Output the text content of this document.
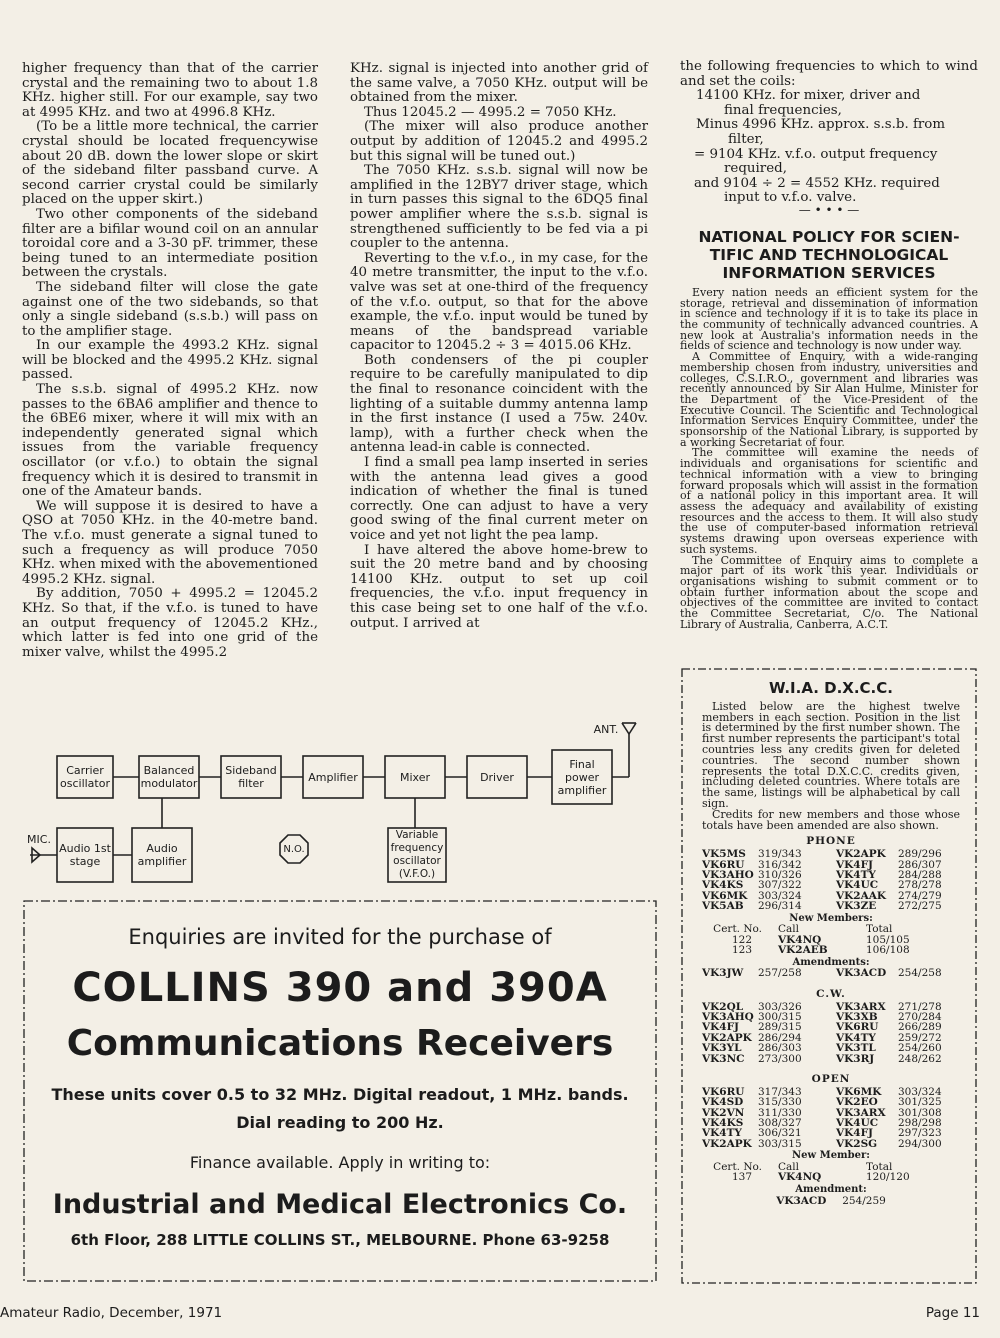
higher frequency than that of the carrier crystal and the remaining two to about 1.8 KHz. higher still. For our example, say two at 4995 KHz. and two at 4996.8 KHz.

(To be a little more technical, the carrier crystal should be located frequencywise about 20 dB. down the lower slope or skirt of the sideband filter passband curve. A second carrier crystal could be similarly placed on the upper skirt.)

Two other components of the sideband filter are a bifilar wound coil on an annular toroidal core and a 3-30 pF. trimmer, these being tuned to an intermediate position between the crystals.

The sideband filter will close the gate against one of the two sidebands, so that only a single sideband (s.s.b.) will pass on to the amplifier stage.

In our example the 4993.2 KHz. signal will be blocked and the 4995.2 KHz. signal passed.

The s.s.b. signal of 4995.2 KHz. now passes to the 6BA6 amplifier and thence to the 6BE6 mixer, where it will mix with an independently generated signal which issues from the variable frequency oscillator (or v.f.o.) to obtain the signal frequency which it is desired to transmit in one of the Amateur bands.

We will suppose it is desired to have a QSO at 7050 KHz. in the 40-metre band. The v.f.o. must generate a signal tuned to such a frequency as will produce 7050 KHz. when mixed with the abovementioned 4995.2 KHz. signal.

By addition, 7050 + 4995.2 = 12045.2 KHz. So that, if the v.f.o. is tuned to have an output frequency of 12045.2 KHz., which latter is fed into one grid of the mixer valve, whilst the 4995.2

KHz. signal is injected into another grid of the same valve, a 7050 KHz. output will be obtained from the mixer.

Thus 12045.2 — 4995.2 = 7050 KHz.

(The mixer will also produce another output by addition of 12045.2 and 4995.2 but this signal will be tuned out.)

The 7050 KHz. s.s.b. signal will now be amplified in the 12BY7 driver stage, which in turn passes this signal to the 6DQ5 final power amplifier where the s.s.b. signal is strengthened sufficiently to be fed via a pi coupler to the antenna.

Reverting to the v.f.o., in my case, for the 40 metre transmitter, the input to the v.f.o. valve was set at one-third of the frequency of the v.f.o. output, so that for the above example, the v.f.o. input would be tuned by means of the bandspread variable capacitor to 12045.2 ÷ 3 = 4015.06 KHz.

Both condensers of the pi coupler require to be carefully manipulated to dip the final to resonance coincident with the lighting of a suitable dummy antenna lamp in the first instance (I used a 75w. 240v. lamp), with a further check when the antenna lead-in cable is connected.

I find a small pea lamp inserted in series with the antenna lead gives a good indication of whether the final is tuned correctly. One can adjust to have a very good swing of the final current meter on voice and yet not light the pea lamp.

I have altered the above home-brew to suit the 20 metre band and by choosing 14100 KHz. output to set up coil frequencies, the v.f.o. input frequency in this case being set to one half of the v.f.o. output. I arrived at

the following frequencies to which to wind and set the coils:

14100 KHz. for mixer, driver and
final frequencies,
Minus 4996 KHz. approx. s.s.b. from
filter,
= 9104 KHz. v.f.o. output frequency
required,
and 9104 ÷ 2 = 4552 KHz. required
input to v.f.o. valve.
— • • • —
NATIONAL POLICY FOR SCIEN-
TIFIC AND TECHNOLOGICAL
INFORMATION SERVICES

Every nation needs an efficient system for the storage, retrieval and dissemination of information in science and technology if it is to take its place in the community of technically advanced countries. A new look at Australia's information needs in the fields of science and technology is now under way.

A Committee of Enquiry, with a wide-ranging membership chosen from industry, universities and colleges, C.S.I.R.O., government and libraries was recently announced by Sir Alan Hulme, Minister for the Department of the Vice-President of the Executive Council. The Scientific and Technological Information Services Enquiry Committee, under the sponsorship of the National Library, is supported by a working Secretariat of four.

The committee will examine the needs of individuals and organisations for scientific and technical information with a view to bringing forward proposals which will assist in the formation of a national policy in this important area. It will assess the adequacy and availability of existing resources and the access to them. It will also study the use of computer-based information retrieval systems drawing upon overseas experience with such systems.

The Committee of Enquiry aims to complete a major part of its work this year. Individuals or organisations wishing to submit comment or to obtain further information about the scope and objectives of the committee are invited to contact the Committee Secretariat, C/o. The National Library of Australia, Canberra, A.C.T.

Carrier oscillator
Balanced modulator
Sideband filter	Amplifier	Mixer	Driver
Final power amplifier
Audio 1st stage
Audio amplifier
Variable frequency oscillator (V.F.O.)
ANT.
MIC.
N.O.
Enquiries are invited for the purchase of
COLLINS 390 and 390A
Communications Receivers
These units cover 0.5 to 32 MHz. Digital readout, 1 MHz. bands.
Dial reading to 200 Hz.
Finance available. Apply in writing to:
Industrial and Medical Electronics Co.
6th Floor, 288 LITTLE COLLINS ST., MELBOURNE. Phone 63-9258
W.I.A. D.X.C.C.

Listed below are the highest twelve members in each section. Position in the list is determined by the first number shown. The first number represents the participant's total countries less any credits given for deleted countries. The second number shown represents the total D.X.C.C. credits given, including deleted countries. Where totals are the same, listings will be alphabetical by call sign.

Credits for new members and those whose totals have been amended are also shown.

PHONE
VK5MS	319/343	VK2APK	289/296
VK6RU	316/342	VK4FJ	286/307
VK3AHO 310/326	VK4TY	284/288
VK4KS	307/322	VK4UC	278/278
VK6MK	303/324	VK2AAK	274/279
VK5AB	296/314	VK3ZE	272/275
New Members:
Cert. No.	Call	Total
122	VK4NQ	105/105
123	VK2AEB	106/108
Amendments:
VK3JW	257/258	VK3ACD	254/258
C.W.
VK2QL	303/326	VK3ARX	271/278
VK3AHQ 300/315	VK3XB	270/284
VK4FJ	289/315	VK6RU	266/289
VK2APK 286/294	VK4TY	259/272
VK3YL	286/303	VK3TL	254/260
VK3NC	273/300	VK3RJ	248/262
OPEN
VK6RU	317/343	VK6MK	303/324
VK4SD	315/330	VK2EO	301/325
VK2VN	311/330	VK3ARX	301/308
VK4KS	308/327	VK4UC	298/298
VK4TY	306/321	VK4FJ	297/323
VK2APK 303/315	VK2SG	294/300
New Member:
Cert. No.	Call	Total
137	VK4NQ	120/120
Amendment:
VK3ACD	254/259
Amateur Radio, December, 1971	Page 11
